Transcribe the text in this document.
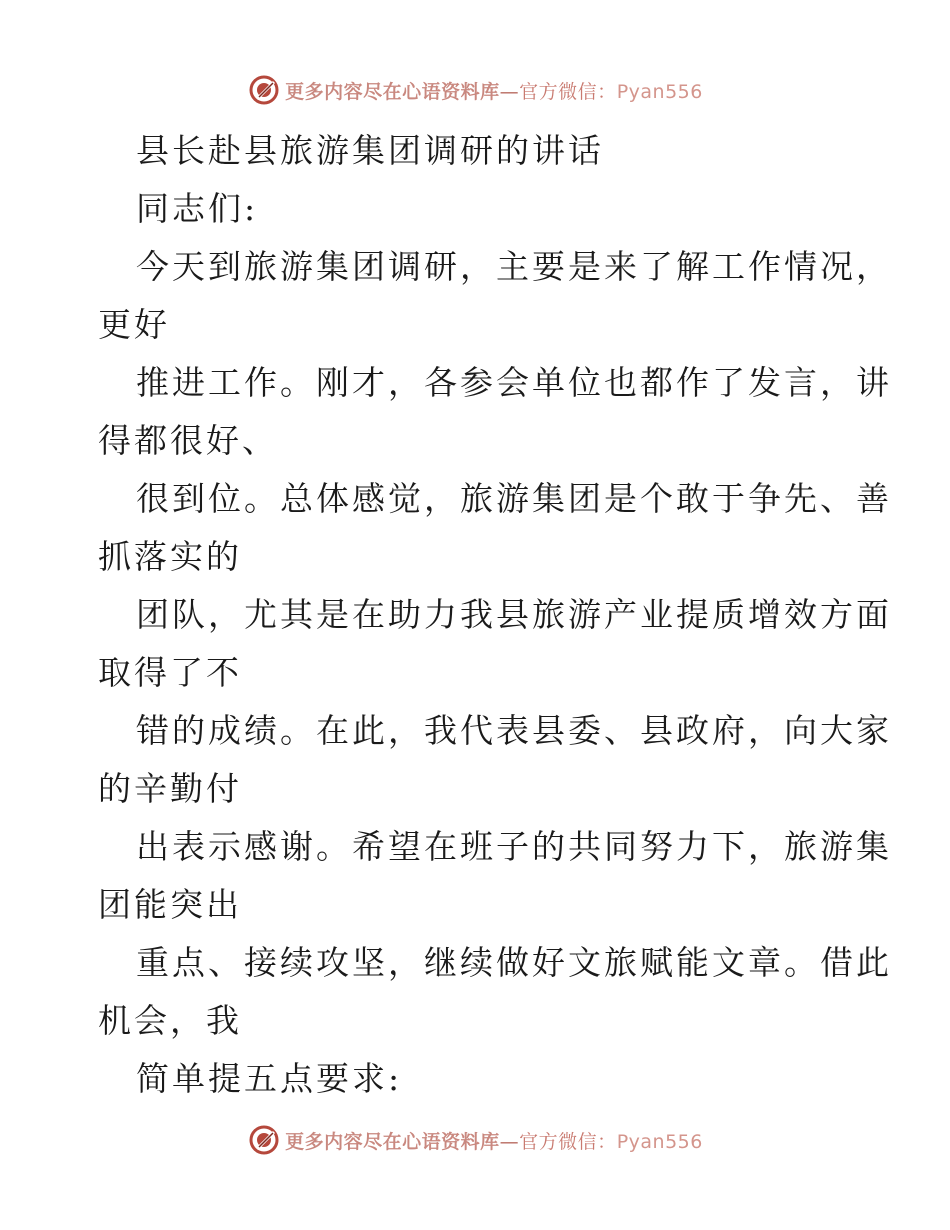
更多内容尽在心语资料库—官方微信：Pyan556
县长赴县旅游集团调研的讲话
同志们:
今天到旅游集团调研，主要是来了解工作情况，
更好
推进工作。刚才，各参会单位也都作了发言，讲
得都很好、
很到位。总体感觉，旅游集团是个敢于争先、善
抓落实的
团队，尤其是在助力我县旅游产业提质增效方面
取得了不
错的成绩。在此，我代表县委、县政府，向大家
的辛勤付
出表示感谢。希望在班子的共同努力下，旅游集
团能突出
重点、接续攻坚，继续做好文旅赋能文章。借此
机会，我
简单提五点要求:
更多内容尽在心语资料库—官方微信：Pyan556
